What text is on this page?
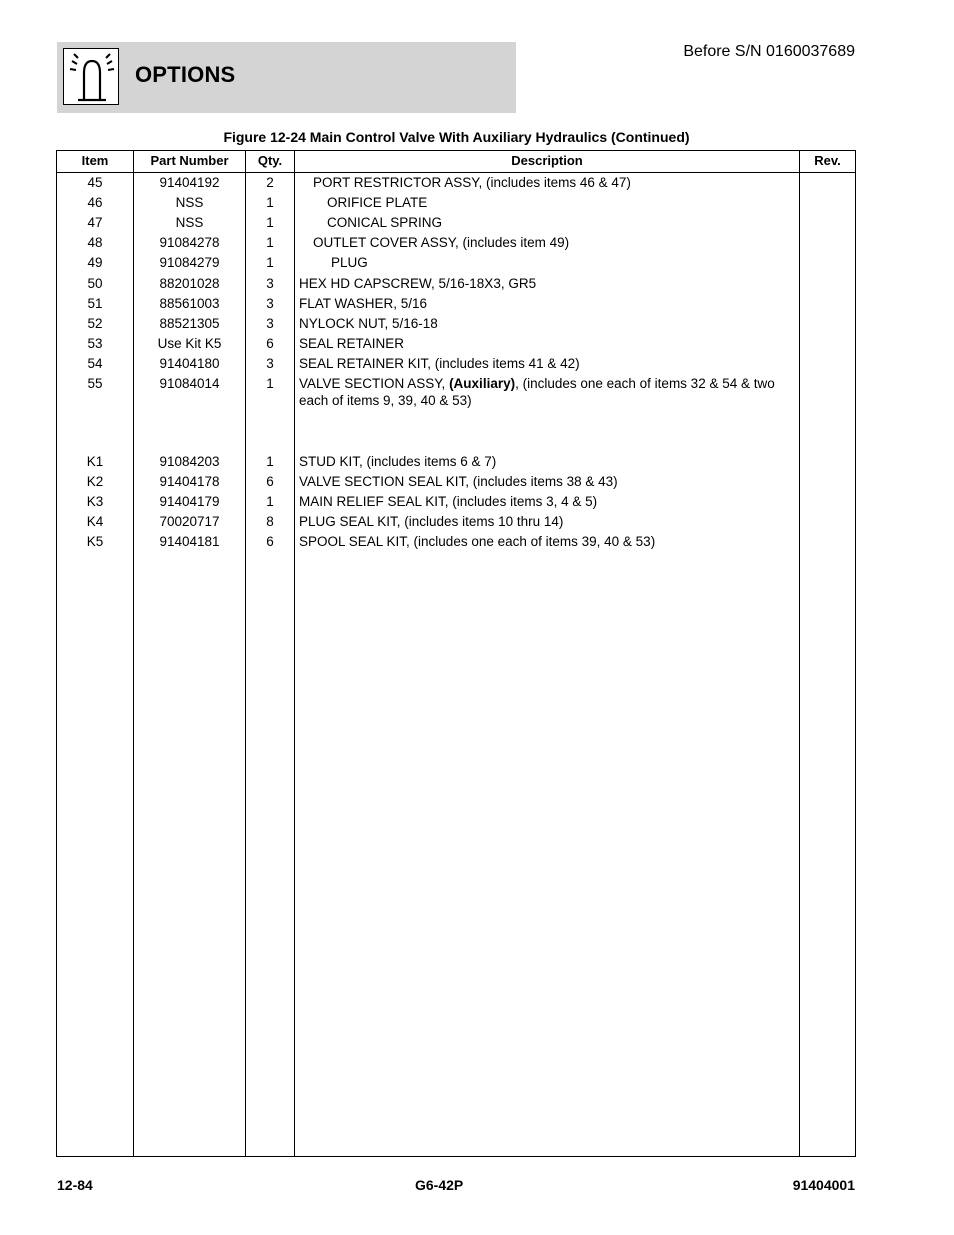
OPTIONS
Before S/N 0160037689
Figure 12-24 Main Control Valve With Auxiliary Hydraulics (Continued)
Item	Part Number	Qty.	Description	Rev.
45	91404192	2	PORT RESTRICTOR ASSY, (includes items 46 & 47)
46	NSS	1	ORIFICE PLATE
47	NSS	1	CONICAL SPRING
48	91084278	1	OUTLET COVER ASSY, (includes item 49)
49	91084279	1	PLUG
50	88201028	3	HEX HD CAPSCREW, 5/16-18X3, GR5
51	88561003	3	FLAT WASHER, 5/16
52	88521305	3	NYLOCK NUT, 5/16-18
53	Use Kit K5	6	SEAL RETAINER
54	91404180	3	SEAL RETAINER KIT, (includes items 41 & 42)
55	91084014	1	VALVE SECTION ASSY, (Auxiliary), (includes one each of items 32 & 54 & two each of items 9, 39, 40 & 53)
K1	91084203	1	STUD KIT, (includes items 6 & 7)
K2	91404178	6	VALVE SECTION SEAL KIT, (includes items 38 & 43)
K3	91404179	1	MAIN RELIEF SEAL KIT, (includes items 3, 4 & 5)
K4	70020717	8	PLUG SEAL KIT, (includes items 10 thru 14)
K5	91404181	6	SPOOL SEAL KIT, (includes one each of items 39, 40 & 53)
12-84	G6-42P	91404001
